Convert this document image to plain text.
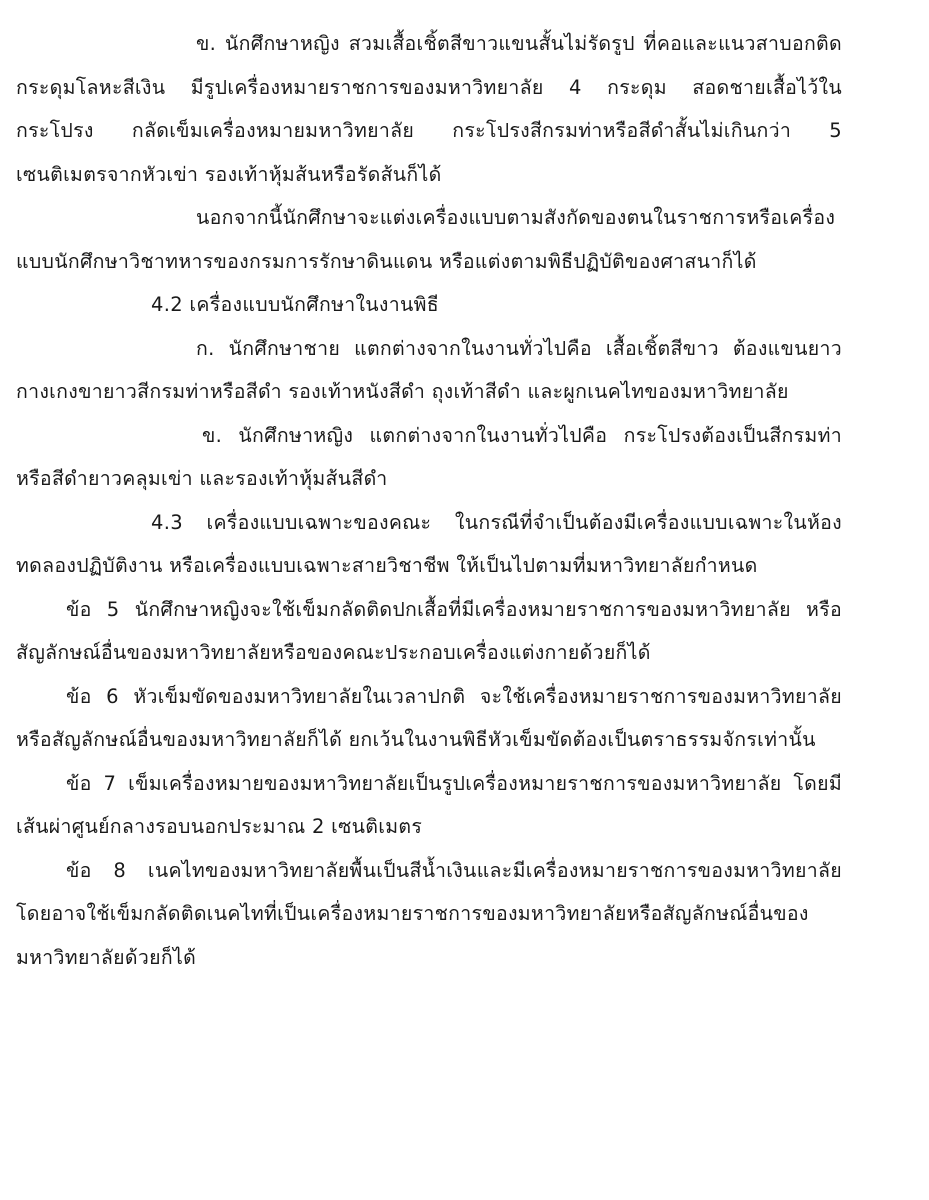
ข. นักศึกษาหญิง สวมเสื้อเชิ้ตสีขาวแขนสั้นไม่รัดรูป ที่คอและแนวสาบอกติดกระดุมโลหะสีเงิน มีรูปเครื่องหมายราชการของมหาวิทยาลัย 4 กระดุม สอดชายเสื้อไว้ในกระโปรง กลัดเข็มเครื่องหมายมหาวิทยาลัย กระโปรงสีกรมท่าหรือสีดำสั้นไม่เกินกว่า 5 เซนติเมตรจากหัวเข่า รองเท้าหุ้มส้นหรือรัดส้นก็ได้

นอกจากนี้นักศึกษาจะแต่งเครื่องแบบตามสังกัดของตนในราชการหรือเครื่องแบบนักศึกษาวิชาทหารของกรมการรักษาดินแดน หรือแต่งตามพิธีปฏิบัติของศาสนาก็ได้

4.2 เครื่องแบบนักศึกษาในงานพิธี

ก. นักศึกษาชาย แตกต่างจากในงานทั่วไปคือ เสื้อเชิ้ตสีขาว ต้องแขนยาว กางเกงขายาวสีกรมท่าหรือสีดำ รองเท้าหนังสีดำ ถุงเท้าสีดำ และผูกเนคไทของมหาวิทยาลัย

ข. นักศึกษาหญิง แตกต่างจากในงานทั่วไปคือ กระโปรงต้องเป็นสีกรมท่าหรือสีดำยาวคลุมเข่า และรองเท้าหุ้มส้นสีดำ

4.3 เครื่องแบบเฉพาะของคณะ ในกรณีที่จำเป็นต้องมีเครื่องแบบเฉพาะในห้องทดลองปฏิบัติงาน หรือเครื่องแบบเฉพาะสายวิชาชีพ ให้เป็นไปตามที่มหาวิทยาลัยกำหนด

ข้อ 5 นักศึกษาหญิงจะใช้เข็มกลัดติดปกเสื้อที่มีเครื่องหมายราชการของมหาวิทยาลัย หรือสัญลักษณ์อื่นของมหาวิทยาลัยหรือของคณะประกอบเครื่องแต่งกายด้วยก็ได้

ข้อ 6 หัวเข็มขัดของมหาวิทยาลัยในเวลาปกติ จะใช้เครื่องหมายราชการของมหาวิทยาลัยหรือสัญลักษณ์อื่นของมหาวิทยาลัยก็ได้ ยกเว้นในงานพิธีหัวเข็มขัดต้องเป็นตราธรรมจักรเท่านั้น

ข้อ 7 เข็มเครื่องหมายของมหาวิทยาลัยเป็นรูปเครื่องหมายราชการของมหาวิทยาลัย โดยมีเส้นผ่าศูนย์กลางรอบนอกประมาณ 2 เซนติเมตร

ข้อ 8 เนคไทของมหาวิทยาลัยพื้นเป็นสีน้ำเงินและมีเครื่องหมายราชการของมหาวิทยาลัย โดยอาจใช้เข็มกลัดติดเนคไทที่เป็นเครื่องหมายราชการของมหาวิทยาลัยหรือสัญลักษณ์อื่นของมหาวิทยาลัยด้วยก็ได้
